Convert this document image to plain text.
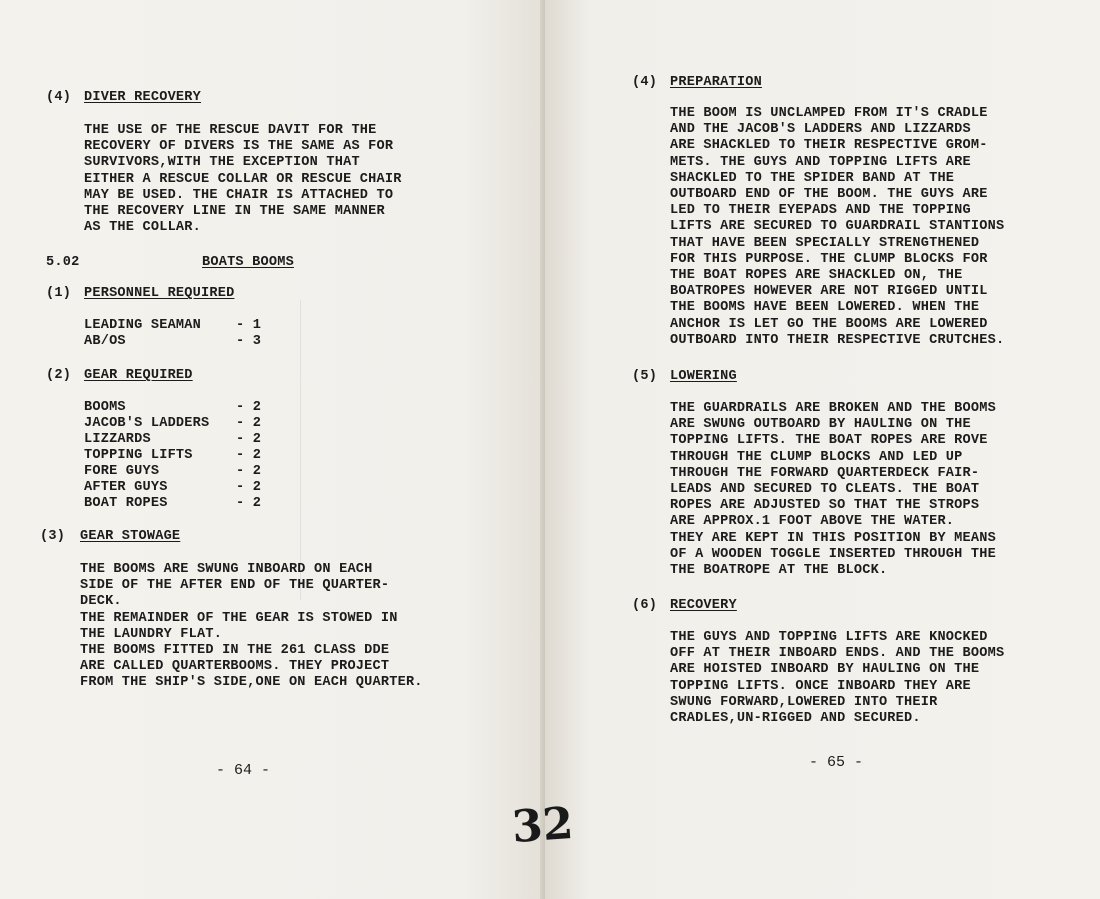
(4) DIVER RECOVERY
THE USE OF THE RESCUE DAVIT FOR THE
RECOVERY OF DIVERS IS THE SAME AS FOR
SURVIVORS,WITH THE EXCEPTION THAT
EITHER A RESCUE COLLAR OR RESCUE CHAIR
MAY BE USED. THE CHAIR IS ATTACHED TO
THE RECOVERY LINE IN THE SAME MANNER
AS THE COLLAR.
5.02	BOATS BOOMS
(1) PERSONNEL REQUIRED
LEADING SEAMAN	- 1
AB/OS	- 3
(2) GEAR REQUIRED
BOOMS	- 2
JACOB'S LADDERS - 2
LIZZARDS	- 2
TOPPING LIFTS	- 2
FORE GUYS	- 2
AFTER GUYS	- 2
BOAT ROPES	- 2
(3) GEAR STOWAGE
THE BOOMS ARE SWUNG INBOARD ON EACH
SIDE OF THE AFTER END OF THE QUARTER-
DECK.
THE REMAINDER OF THE GEAR IS STOWED IN
THE LAUNDRY FLAT.
THE BOOMS FITTED IN THE 261 CLASS DDE
ARE CALLED QUARTERBOOMS. THEY PROJECT
FROM THE SHIP'S SIDE,ONE ON EACH QUARTER.
- 64 -
(4) PREPARATION
THE BOOM IS UNCLAMPED FROM IT'S CRADLE
AND THE JACOB'S LADDERS AND LIZZARDS
ARE SHACKLED TO THEIR RESPECTIVE GROM-
METS. THE GUYS AND TOPPING LIFTS ARE
SHACKLED TO THE SPIDER BAND AT THE
OUTBOARD END OF THE BOOM. THE GUYS ARE
LED TO THEIR EYEPADS AND THE TOPPING
LIFTS ARE SECURED TO GUARDRAIL STANTIONS
THAT HAVE BEEN SPECIALLY STRENGTHENED
FOR THIS PURPOSE. THE CLUMP BLOCKS FOR
THE BOAT ROPES ARE SHACKLED ON, THE
BOATROPES HOWEVER ARE NOT RIGGED UNTIL
THE BOOMS HAVE BEEN LOWERED. WHEN THE
ANCHOR IS LET GO THE BOOMS ARE LOWERED
OUTBOARD INTO THEIR RESPECTIVE CRUTCHES.
(5) LOWERING
THE GUARDRAILS ARE BROKEN AND THE BOOMS
ARE SWUNG OUTBOARD BY HAULING ON THE
TOPPING LIFTS. THE BOAT ROPES ARE ROVE
THROUGH THE CLUMP BLOCKS AND LED UP
THROUGH THE FORWARD QUARTERDECK FAIR-
LEADS AND SECURED TO CLEATS. THE BOAT
ROPES ARE ADJUSTED SO THAT THE STROPS
ARE APPROX.1 FOOT ABOVE THE WATER.
THEY ARE KEPT IN THIS POSITION BY MEANS
OF A WOODEN TOGGLE INSERTED THROUGH THE
THE BOATROPE AT THE BLOCK.
(6) RECOVERY
THE GUYS AND TOPPING LIFTS ARE KNOCKED
OFF AT THEIR INBOARD ENDS. AND THE BOOMS
ARE HOISTED INBOARD BY HAULING ON THE
TOPPING LIFTS. ONCE INBOARD THEY ARE
SWUNG FORWARD,LOWERED INTO THEIR
CRADLES,UN-RIGGED AND SECURED.
- 65 -
32
